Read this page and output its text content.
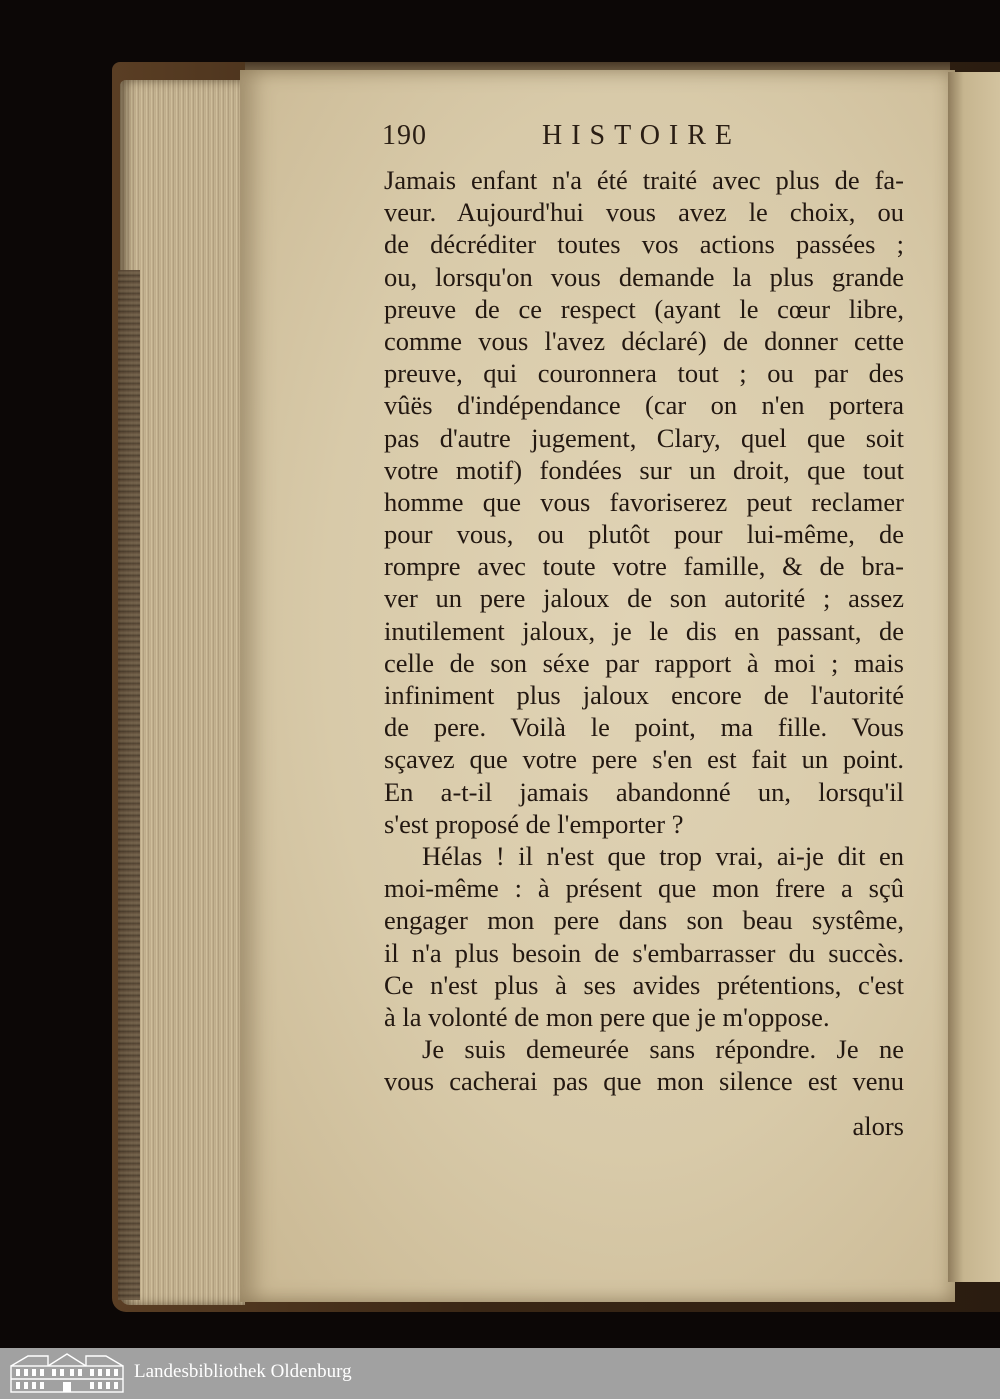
190	HISTOIRE
Jamais enfant n'a été traité avec plus de fa-
veur. Aujourd'hui vous avez le choix, ou
de décréditer toutes vos actions passées ;
ou, lorsqu'on vous demande la plus grande
preuve de ce respect (ayant le cœur libre,
comme vous l'avez déclaré) de donner cette
preuve, qui couronnera tout ; ou par des
vûës d'indépendance (car on n'en portera
pas d'autre jugement, Clary, quel que soit
votre motif) fondées sur un droit, que tout
homme que vous favoriserez peut reclamer
pour vous, ou plutôt pour lui-même, de
rompre avec toute votre famille, & de bra-
ver un pere jaloux de son autorité ; assez
inutilement jaloux, je le dis en passant, de
celle de son séxe par rapport à moi ; mais
infiniment plus jaloux encore de l'autorité
de pere. Voilà le point, ma fille. Vous
sçavez que votre pere s'en est fait un point.
En a-t-il jamais abandonné un, lorsqu'il
s'est proposé de l'emporter ?
Hélas ! il n'est que trop vrai, ai-je dit en
moi-même : à présent que mon frere a sçû
engager mon pere dans son beau systême,
il n'a plus besoin de s'embarrasser du succès.
Ce n'est plus à ses avides prétentions, c'est
à la volonté de mon pere que je m'oppose.
Je suis demeurée sans répondre. Je ne
vous cacherai pas que mon silence est venu
alors
Landesbibliothek Oldenburg
